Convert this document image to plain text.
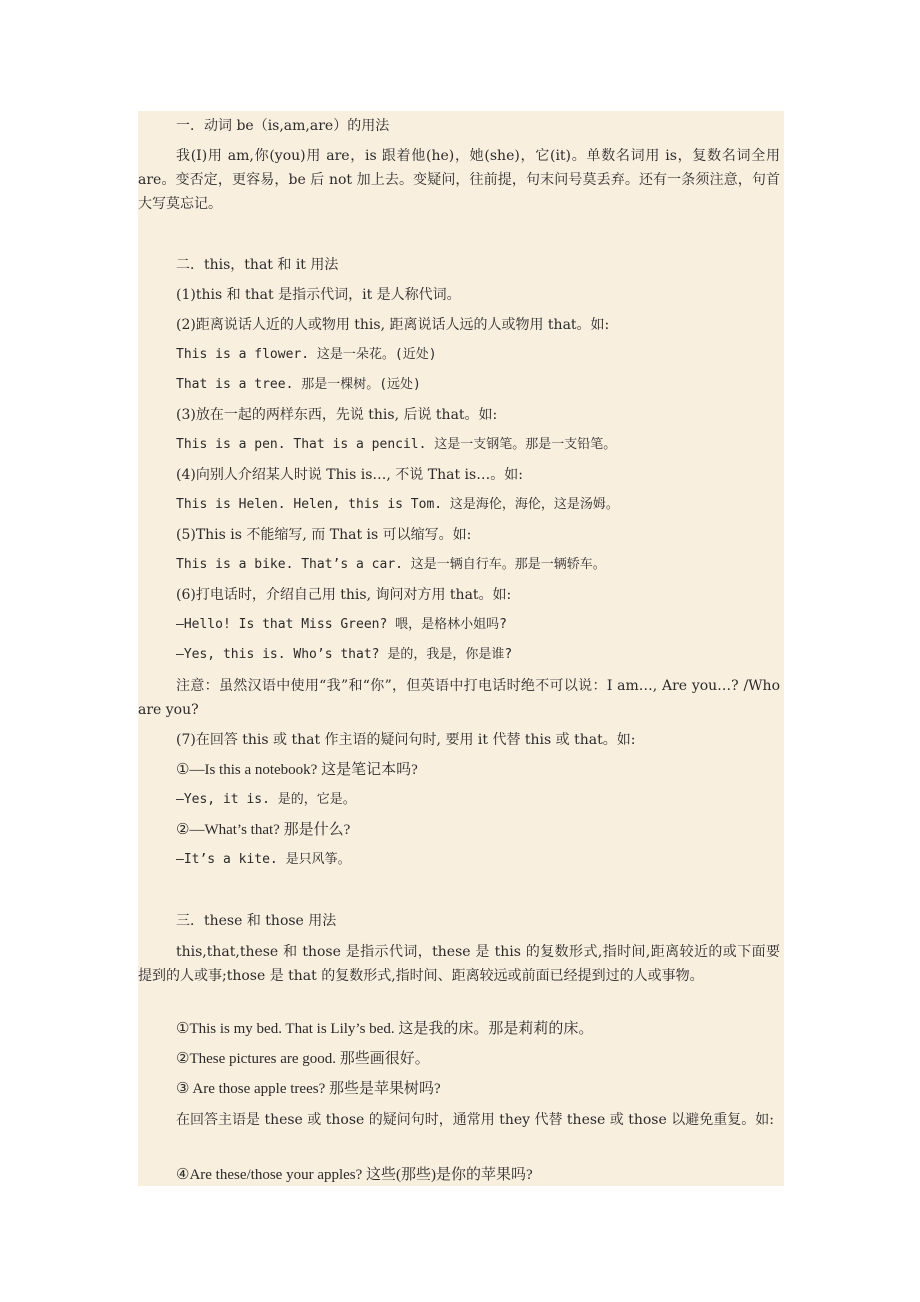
一．动词 be（is,am,are）的用法
我(I)用 am,你(you)用 are，is 跟着他(he)，她(she)，它(it)。单数名词用 is，复数名词全用 are。变否定，更容易，be 后 not 加上去。变疑问，往前提，句末问号莫丢弃。还有一条须注意，句首大写莫忘记。
二．this，that 和 it 用法
(1)this 和 that 是指示代词，it 是人称代词。
(2)距离说话人近的人或物用 this, 距离说话人远的人或物用 that。如:
This is a flower. 这是一朵花。(近处)
That is a tree. 那是一棵树。(远处)
(3)放在一起的两样东西，先说 this, 后说 that。如:
This is a pen. That is a pencil. 这是一支钢笔。那是一支铅笔。
(4)向别人介绍某人时说 This is…, 不说 That is…。如:
This is Helen. Helen, this is Tom. 这是海伦，海伦，这是汤姆。
(5)This is 不能缩写, 而 That is 可以缩写。如:
This is a bike. That’s a car. 这是一辆自行车。那是一辆轿车。
(6)打电话时，介绍自己用 this, 询问对方用 that。如:
—Hello! Is that Miss Green? 喂，是格林小姐吗?
—Yes, this is. Who’s that? 是的，我是，你是谁?
注意：虽然汉语中使用“我”和“你”，但英语中打电话时绝不可以说：I am…, Are you…? /Who are you?
(7)在回答 this 或 that 作主语的疑问句时, 要用 it 代替 this 或 that。如:
①—Is this a notebook? 这是笔记本吗?
—Yes, it is. 是的，它是。
②—What’s that? 那是什么?
—It’s a kite. 是只风筝。
三．these 和 those 用法
this,that,these 和 those 是指示代词，these 是 this 的复数形式,指时间,距离较近的或下面要提到的人或事;those 是 that 的复数形式,指时间、距离较远或前面已经提到过的人或事物。
①This is my bed. That is Lily’s bed. 这是我的床。那是莉莉的床。
②These pictures are good. 那些画很好。
③ Are those apple trees? 那些是苹果树吗?
在回答主语是 these 或 those 的疑问句时，通常用 they 代替 these 或 those 以避免重复。如:
④Are these/those your apples? 这些(那些)是你的苹果吗?
